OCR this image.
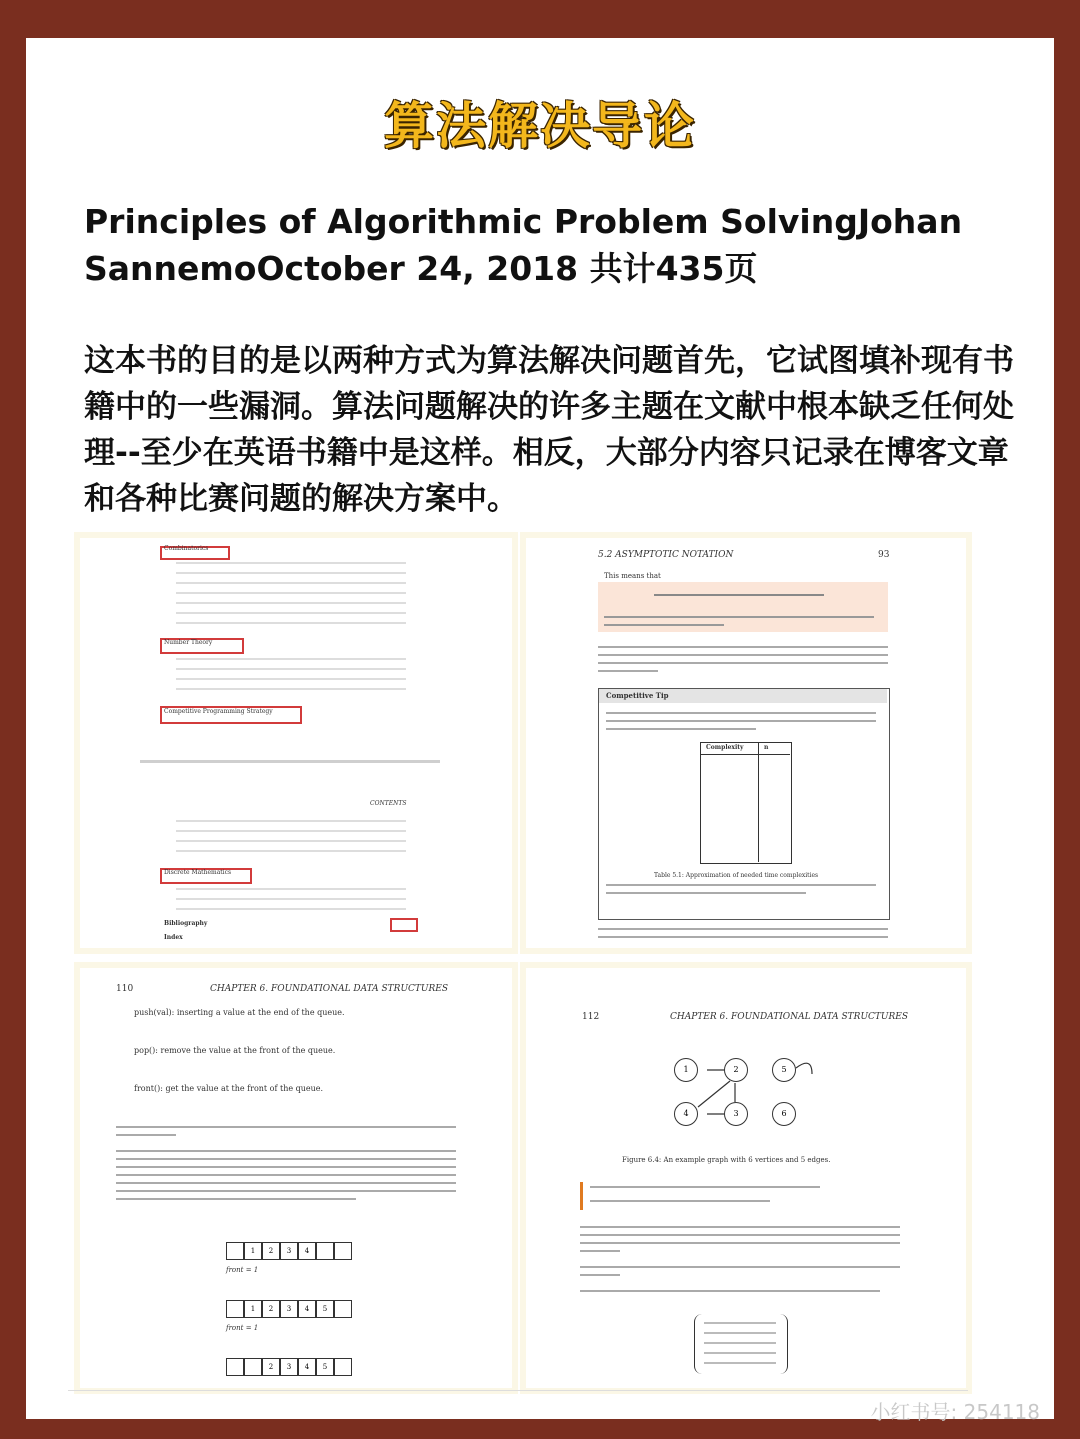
算法解决导论
Principles of Algorithmic Problem SolvingJohan SannemoOctober 24, 2018 共计435页
这本书的目的是以两种方式为算法解决问题首先，它试图填补现有书籍中的一些漏洞。算法问题解决的许多主题在文献中根本缺乏任何处理--至少在英语书籍中是这样。相反，大部分内容只记录在博客文章和各种比赛问题的解决方案中。
Combinatorics
Number Theory
Competitive Programming Strategy
CONTENTS
Discrete Mathematics
Bibliography
Index
5.2 ASYMPTOTIC NOTATION	93
This means that
Competitive Tip
Complexity	n
Table 5.1: Approximation of needed time complexities
110	CHAPTER 6. FOUNDATIONAL DATA STRUCTURES
push(val): inserting a value at the end of the queue.
pop(): remove the value at the front of the queue.
front(): get the value at the front of the queue.
1	2	3	4
front = 1
1	2	3	4	5
front = 1
2	3	4	5
112	CHAPTER 6. FOUNDATIONAL DATA STRUCTURES
1	2	5
4	3	6
Figure 6.4: An example graph with 6 vertices and 5 edges.
小红书号: 254118
